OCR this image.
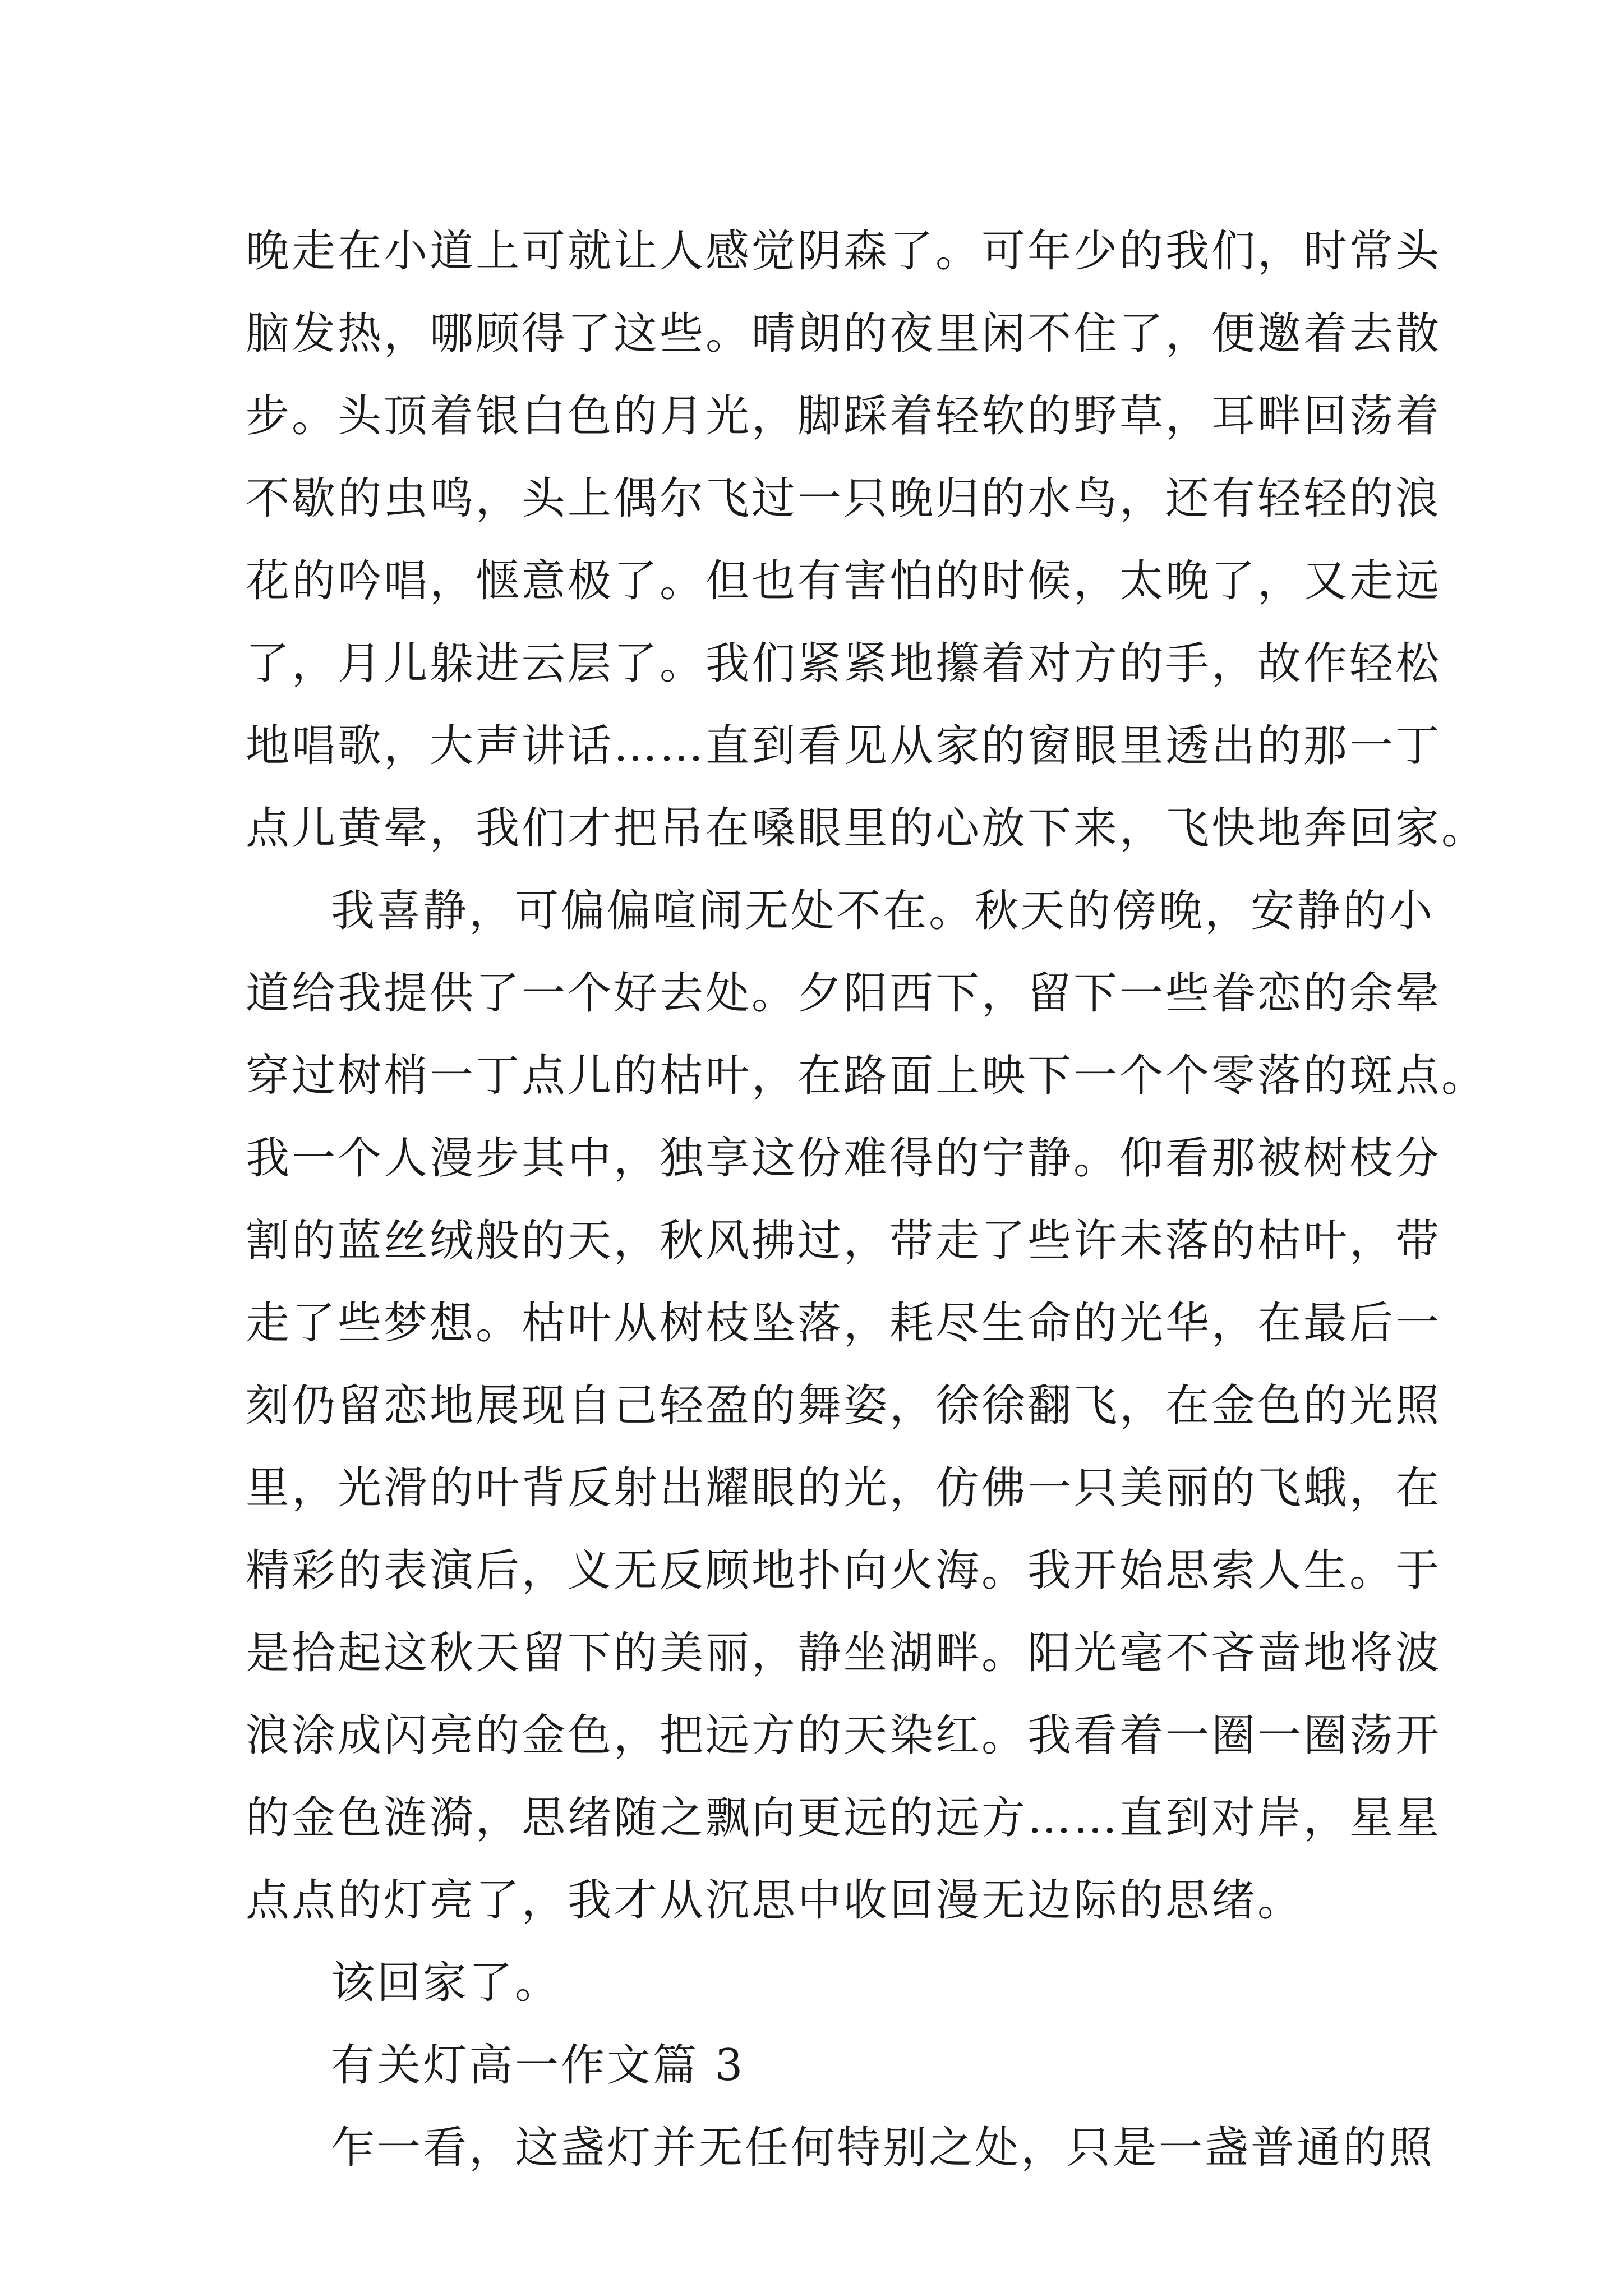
晚走在小道上可就让人感觉阴森了。可年少的我们，时常头
脑发热，哪顾得了这些。晴朗的夜里闲不住了，便邀着去散
步。头顶着银白色的月光，脚踩着轻软的野草，耳畔回荡着
不歇的虫鸣，头上偶尔飞过一只晚归的水鸟，还有轻轻的浪
花的吟唱，惬意极了。但也有害怕的时候，太晚了，又走远
了，月儿躲进云层了。我们紧紧地攥着对方的手，故作轻松
地唱歌，大声讲话……直到看见从家的窗眼里透出的那一丁
点儿黄晕，我们才把吊在嗓眼里的心放下来，飞快地奔回家。
我喜静，可偏偏喧闹无处不在。秋天的傍晚，安静的小
道给我提供了一个好去处。夕阳西下，留下一些眷恋的余晕
穿过树梢一丁点儿的枯叶，在路面上映下一个个零落的斑点。
我一个人漫步其中，独享这份难得的宁静。仰看那被树枝分
割的蓝丝绒般的天，秋风拂过，带走了些许未落的枯叶，带
走了些梦想。枯叶从树枝坠落，耗尽生命的光华，在最后一
刻仍留恋地展现自己轻盈的舞姿，徐徐翻飞，在金色的光照
里，光滑的叶背反射出耀眼的光，仿佛一只美丽的飞蛾，在
精彩的表演后，义无反顾地扑向火海。我开始思索人生。于
是拾起这秋天留下的美丽，静坐湖畔。阳光毫不吝啬地将波
浪涂成闪亮的金色，把远方的天染红。我看着一圈一圈荡开
的金色涟漪，思绪随之飘向更远的远方……直到对岸，星星
点点的灯亮了，我才从沉思中收回漫无边际的思绪。
该回家了。
有关灯高一作文篇 3
乍一看，这盏灯并无任何特别之处，只是一盏普通的照
